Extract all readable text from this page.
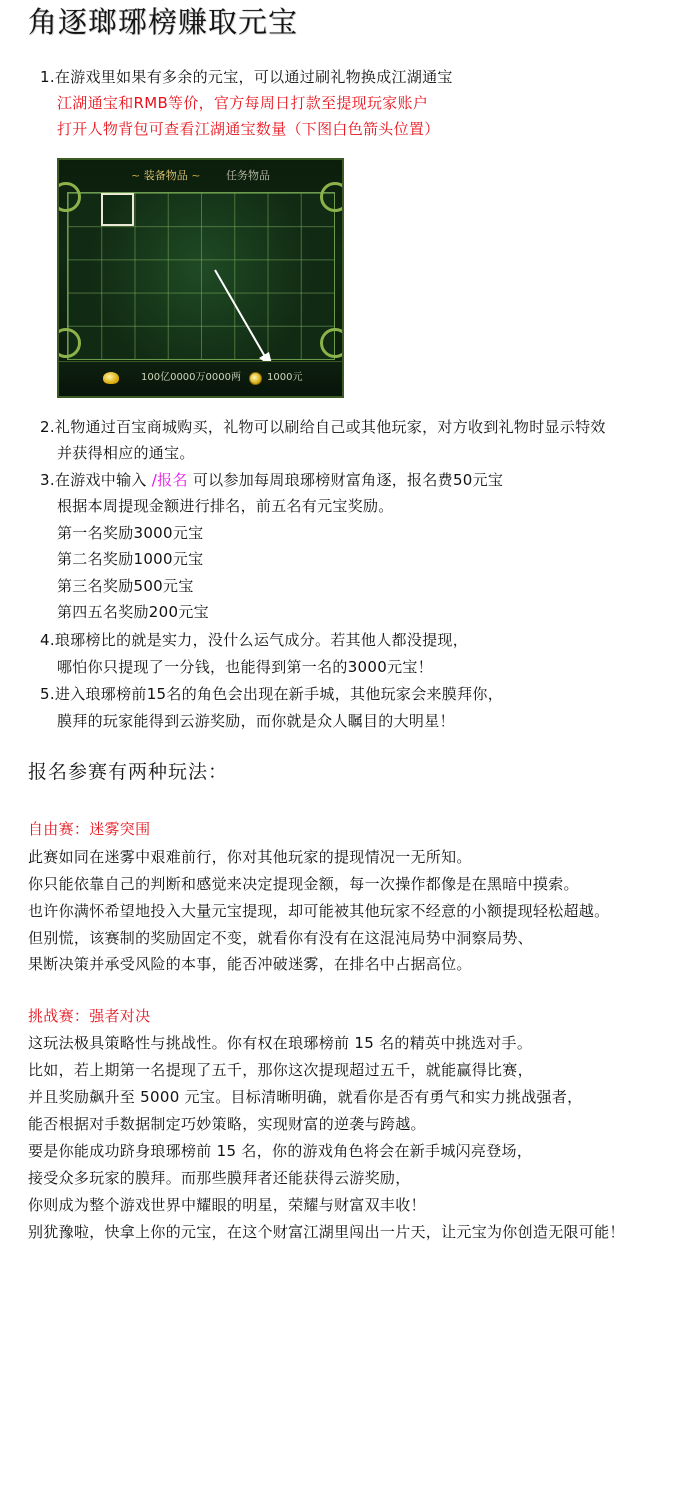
角逐瑯琊榜赚取元宝
1.在游戏里如果有多余的元宝，可以通过刷礼物换成江湖通宝
江湖通宝和RMB等价，官方每周日打款至提现玩家账户
打开人物背包可查看江湖通宝数量（下图白色箭头位置）
~ 装备物品 ~ 任务物品
100亿0000万0000两	1000元
2.礼物通过百宝商城购买，礼物可以刷给自己或其他玩家，对方收到礼物时显示特效
并获得相应的通宝。
3.在游戏中输入 /报名 可以参加每周琅琊榜财富角逐，报名费50元宝
根据本周提现金额进行排名，前五名有元宝奖励。
第一名奖励3000元宝
第二名奖励1000元宝
第三名奖励500元宝
第四五名奖励200元宝
4.琅琊榜比的就是实力，没什么运气成分。若其他人都没提现，
哪怕你只提现了一分钱，也能得到第一名的3000元宝！
5.进入琅琊榜前15名的角色会出现在新手城，其他玩家会来膜拜你，
膜拜的玩家能得到云游奖励，而你就是众人瞩目的大明星！
报名参赛有两种玩法：
自由赛：迷雾突围
此赛如同在迷雾中艰难前行，你对其他玩家的提现情况一无所知。
你只能依靠自己的判断和感觉来决定提现金额，每一次操作都像是在黑暗中摸索。
也许你满怀希望地投入大量元宝提现，却可能被其他玩家不经意的小额提现轻松超越。
但别慌，该赛制的奖励固定不变，就看你有没有在这混沌局势中洞察局势、
果断决策并承受风险的本事，能否冲破迷雾，在排名中占据高位。
挑战赛：强者对决
这玩法极具策略性与挑战性。你有权在琅琊榜前 15 名的精英中挑选对手。
比如，若上期第一名提现了五千，那你这次提现超过五千，就能赢得比赛，
并且奖励飙升至 5000 元宝。目标清晰明确，就看你是否有勇气和实力挑战强者，
能否根据对手数据制定巧妙策略，实现财富的逆袭与跨越。
要是你能成功跻身琅琊榜前 15 名，你的游戏角色将会在新手城闪亮登场，
接受众多玩家的膜拜。而那些膜拜者还能获得云游奖励，
你则成为整个游戏世界中耀眼的明星，荣耀与财富双丰收！
别犹豫啦，快拿上你的元宝，在这个财富江湖里闯出一片天，让元宝为你创造无限可能！
